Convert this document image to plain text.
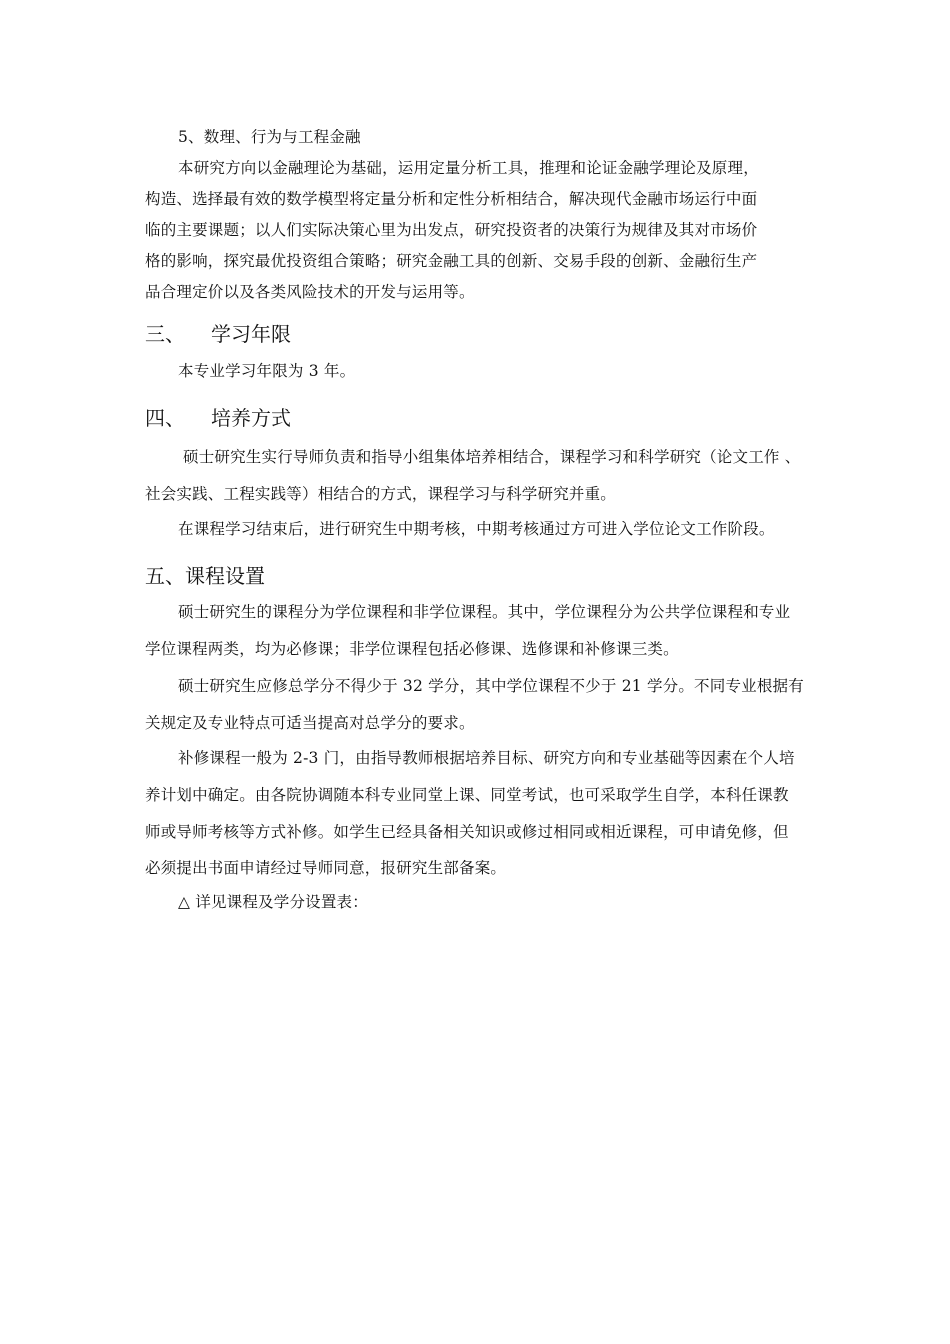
5、数理、行为与工程金融
本研究方向以金融理论为基础，运用定量分析工具，推理和论证金融学理论及原理，
构造、选择最有效的数学模型将定量分析和定性分析相结合，解决现代金融市场运行中面
临的主要课题；以人们实际决策心里为出发点，研究投资者的决策行为规律及其对市场价
格的影响，探究最优投资组合策略；研究金融工具的创新、交易手段的创新、金融衍生产
品合理定价以及各类风险技术的开发与运用等。
三、 学习年限
本专业学习年限为 3 年。
四、 培养方式
硕士研究生实行导师负责和指导小组集体培养相结合，课程学习和科学研究（论文工作 、
社会实践、工程实践等）相结合的方式，课程学习与科学研究并重。
在课程学习结束后，进行研究生中期考核，中期考核通过方可进入学位论文工作阶段。
五、课程设置
硕士研究生的课程分为学位课程和非学位课程。其中，学位课程分为公共学位课程和专业
学位课程两类，均为必修课；非学位课程包括必修课、选修课和补修课三类。
硕士研究生应修总学分不得少于 32 学分，其中学位课程不少于 21 学分。不同专业根据有
关规定及专业特点可适当提高对总学分的要求。
补修课程一般为 2-3 门，由指导教师根据培养目标、研究方向和专业基础等因素在个人培
养计划中确定。由各院协调随本科专业同堂上课、同堂考试，也可采取学生自学，本科任课教
师或导师考核等方式补修。如学生已经具备相关知识或修过相同或相近课程，可申请免修，但
必须提出书面申请经过导师同意，报研究生部备案。
△ 详见课程及学分设置表：
